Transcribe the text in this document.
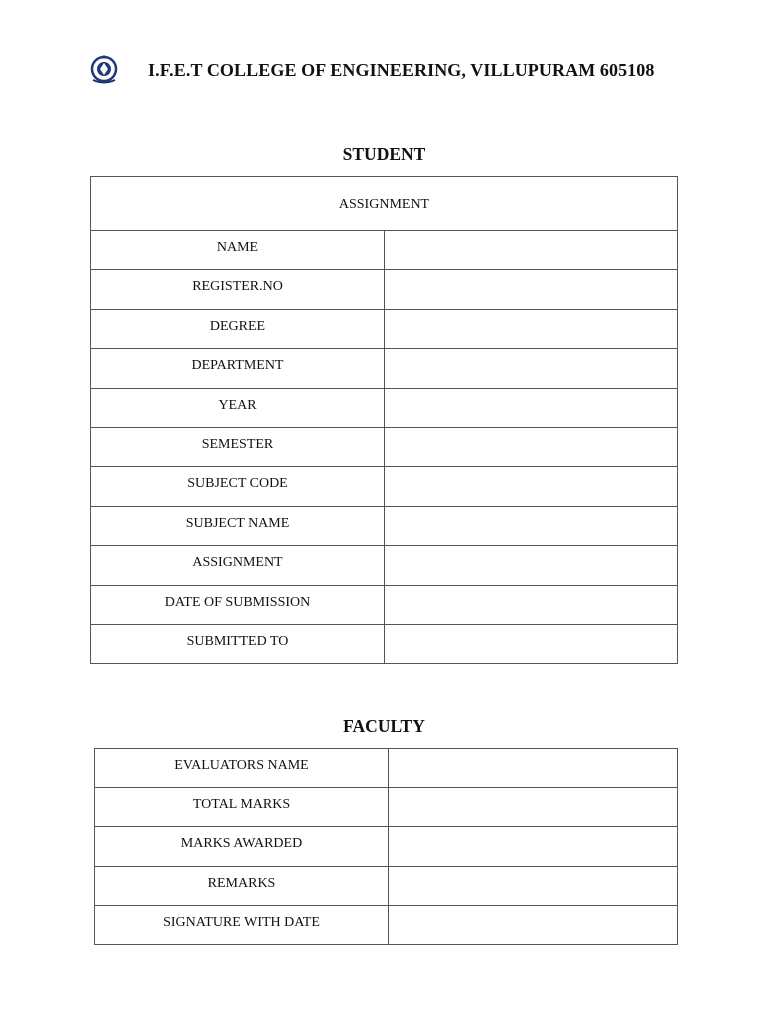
I.F.E.T COLLEGE OF ENGINEERING, VILLUPURAM 605108
STUDENT
ASSIGNMENT	
NAME	
REGISTER.NO	
DEGREE	
DEPARTMENT	
YEAR	
SEMESTER	
SUBJECT CODE	
SUBJECT NAME	
ASSIGNMENT	
DATE OF SUBMISSION	
SUBMITTED TO	
FACULTY
EVALUATORS NAME	
TOTAL MARKS	
MARKS AWARDED	
REMARKS	
SIGNATURE WITH DATE	
